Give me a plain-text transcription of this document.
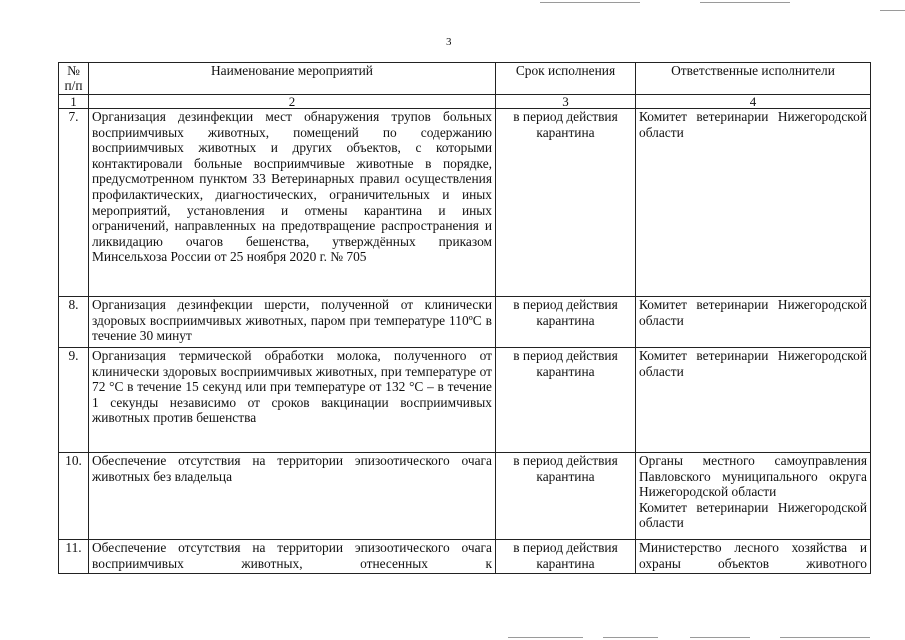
3
№ п/п	Наименование мероприятий	Срок исполнения	Ответственные исполнители
1	2	3	4
7.	Организация дезинфекции мест обнаружения трупов больных восприимчивых животных, помещений по содержанию восприимчивых животных и других объектов, с которыми контактировали больные восприимчивые животные в порядке, предусмотренном пунктом 33 Ветеринарных правил осуществления профилактических, диагностических, ограничительных и иных мероприятий, установления и отмены карантина и иных ограничений, направленных на предотвращение распространения и ликвидацию очагов бешенства, утверждённых приказом Минсельхоза России от 25 ноября 2020 г. № 705	в период действия карантина	Комитет ветеринарии Нижегородской области

8.	Организация дезинфекции шерсти, полученной от клинически здоровых восприимчивых животных, паром при температуре 110ºС в течение 30 минут	в период действия карантина	Комитет ветеринарии Нижегородской области

9.	Организация термической обработки молока, полученного от клинически здоровых восприимчивых животных, при температуре от 72 °С в течение 15 секунд или при температуре от 132 °С – в течение 1 секунды независимо от сроков вакцинации восприимчивых животных против бешенства	в период действия карантина	Комитет ветеринарии Нижегородской области

10.	Обеспечение отсутствия на территории эпизоотического очага животных без владельца	в период действия карантина	Органы местного самоуправления Павловского муниципального округа Нижегородской области
Комитет ветеринарии Нижегородской области

11.	Обеспечение отсутствия на территории эпизоотического очага восприимчивых животных, отнесенных к	в период действия карантина	Министерство лесного хозяйства и охраны объектов животного
